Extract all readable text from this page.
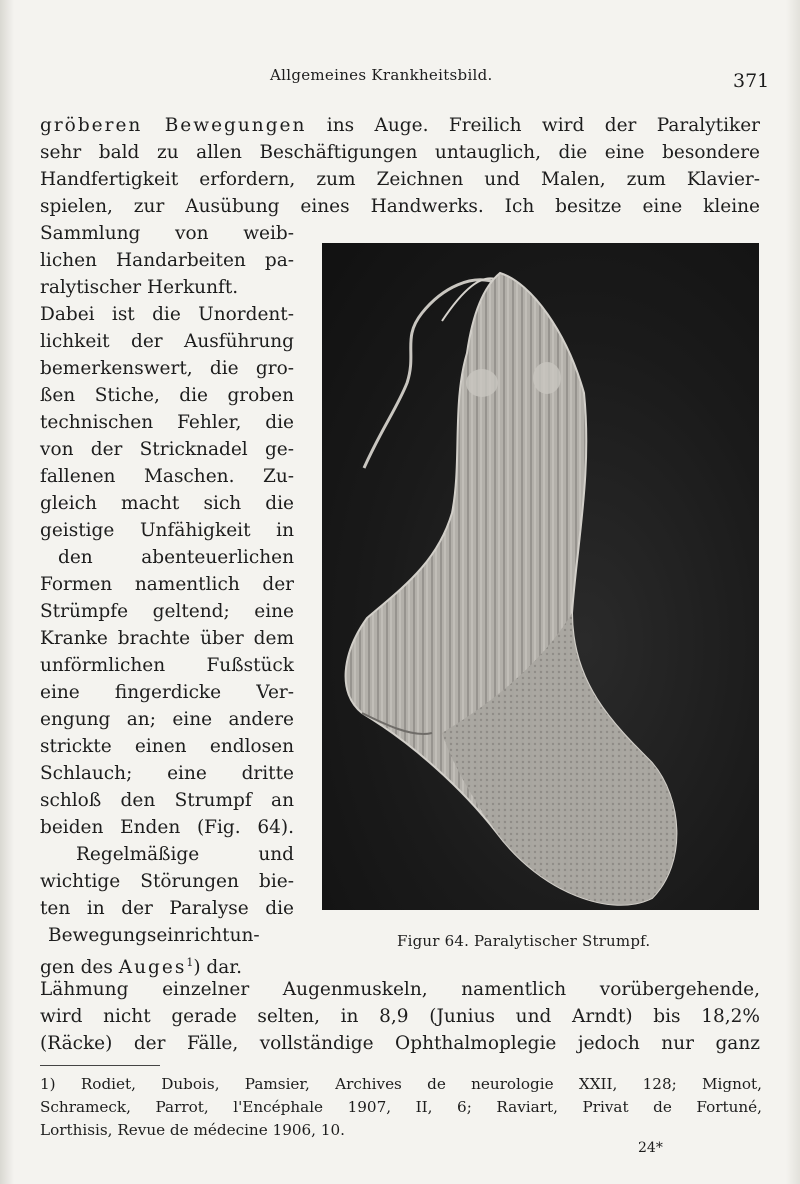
Allgemeines Krankheitsbild.	371
gröberen Bewegungen ins Auge. Freilich wird der Paralytiker
sehr bald zu allen Beschäftigungen untauglich, die eine besondere
Handfertigkeit erfordern, zum Zeichnen und Malen, zum Klavier-
spielen, zur Ausübung eines Handwerks. Ich besitze eine kleine
Sammlung von weib-
lichen Handarbeiten pa-
ralytischer Herkunft.
Dabei ist die Unordent-
lichkeit der Ausführung
bemerkenswert, die gro-
ßen Stiche, die groben
technischen Fehler, die
von der Stricknadel ge-
fallenen Maschen. Zu-
gleich macht sich die
geistige Unfähigkeit in
den abenteuerlichen
Formen namentlich der
Strümpfe geltend; eine
Kranke brachte über dem
unförmlichen Fußstück
eine fingerdicke Ver-
engung an; eine andere
strickte einen endlosen
Schlauch; eine dritte
schloß den Strumpf an
beiden Enden (Fig. 64).
Regelmäßige und
wichtige Störungen bie-
ten in der Paralyse die
Bewegungseinrichtun-
gen des Auges$^1$) dar.
Lähmung einzelner Augenmuskeln, namentlich vorübergehende,
wird nicht gerade selten, in 8,9 (Junius und Arndt) bis 18,2%
(Räcke) der Fälle, vollständige Ophthalmoplegie jedoch nur ganz
Figur 64. Paralytischer Strumpf.
1) Rodiet, Dubois, Pamsier, Archives de neurologie XXII, 128; Mignot,
Schrameck, Parrot, l'Encéphale 1907, II, 6; Raviart, Privat de Fortuné,
Lorthisis, Revue de médecine 1906, 10.
24*
